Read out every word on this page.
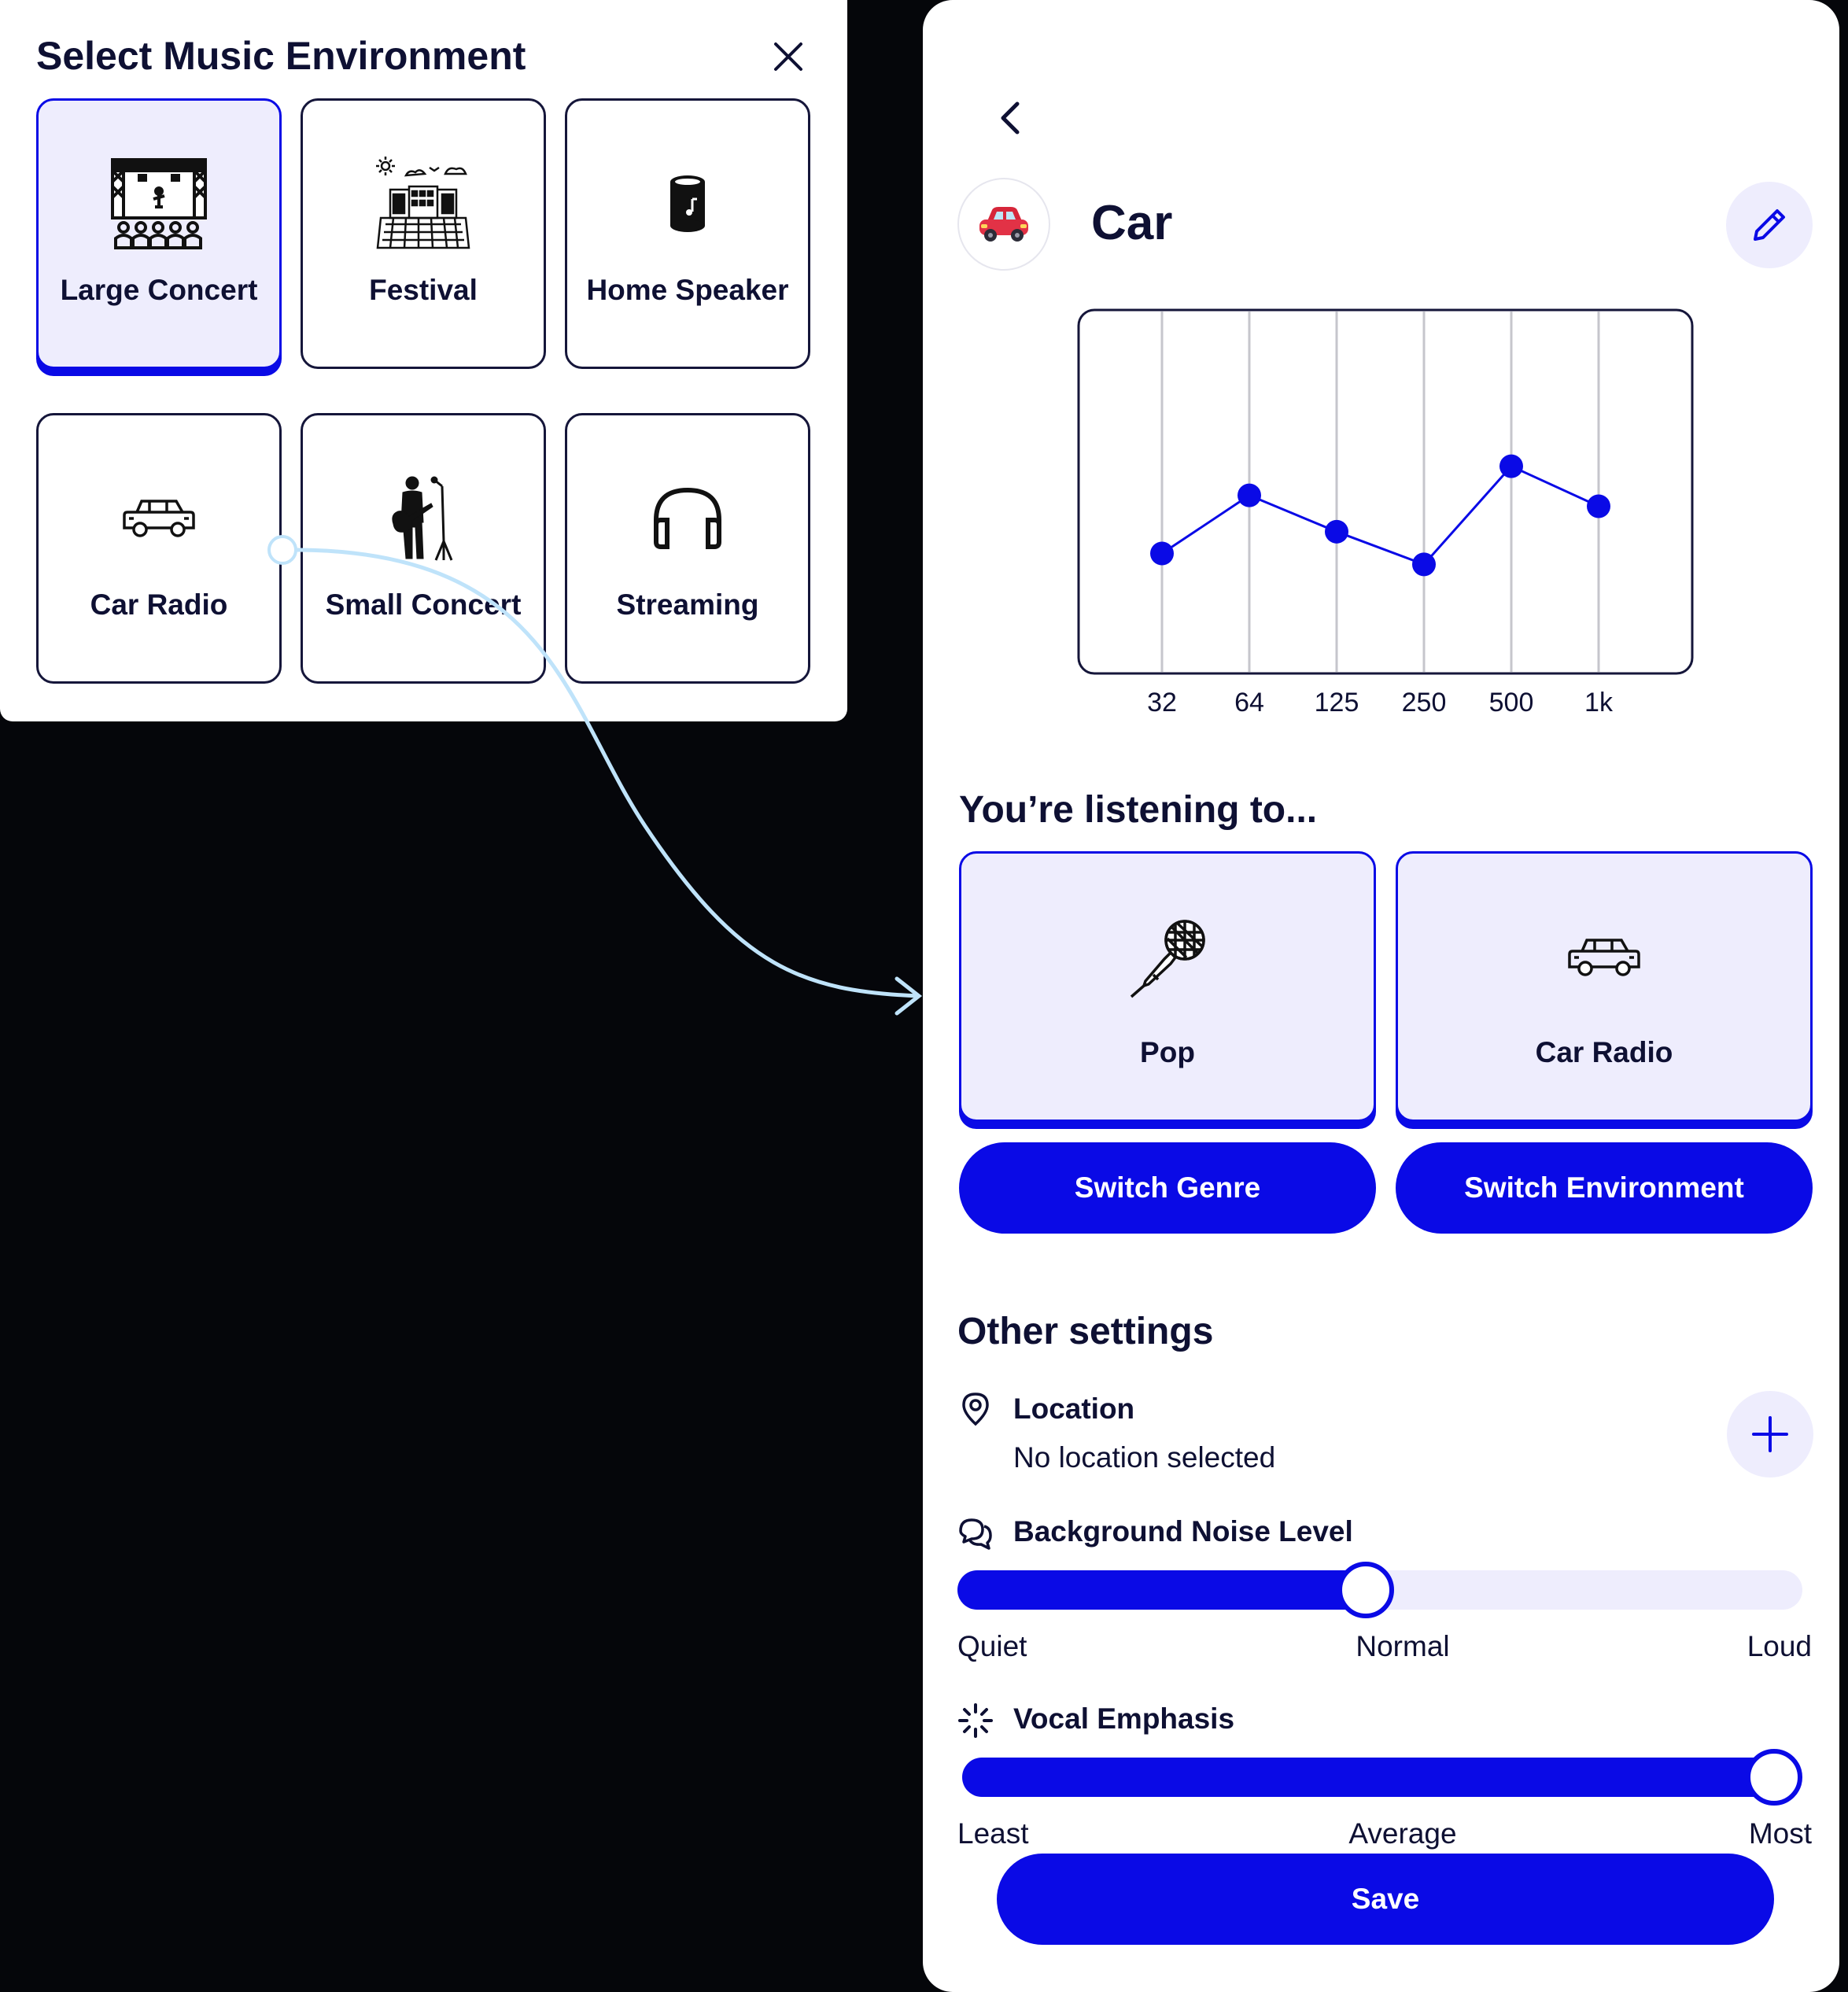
Select Music Environment
Large Concert	Festival	Home Speaker
Car Radio	Small Concert	Streaming
Car
32 64 125 250 500 1k
You’re listening to...
Pop	Car Radio
Switch Genre	Switch Environment
Other settings
Location
No location selected
Background Noise Level
Quiet	Normal	Loud
Vocal Emphasis
Least	Average	Most
Save
